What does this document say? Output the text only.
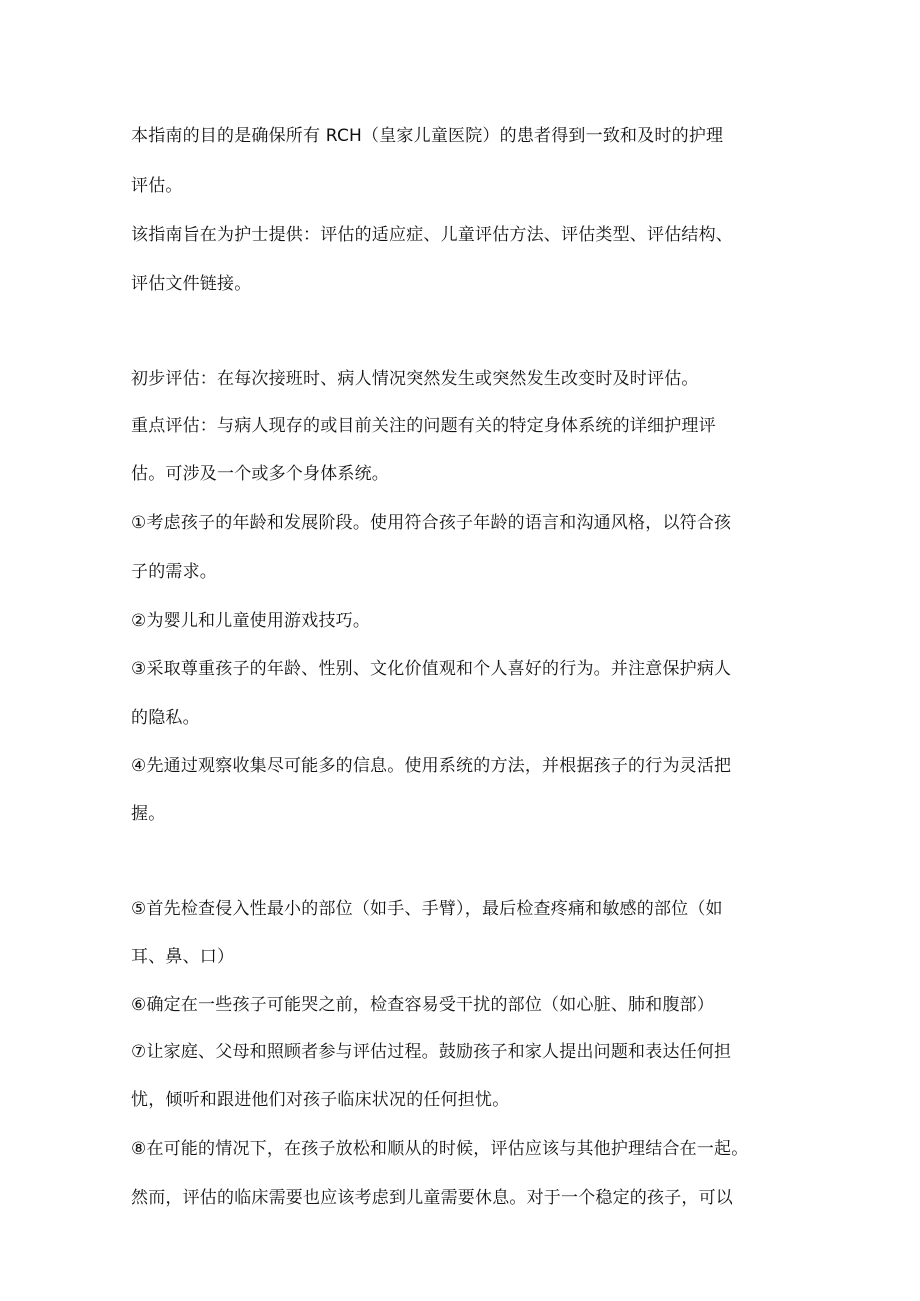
本指南的目的是确保所有 RCH（皇家儿童医院）的患者得到一致和及时的护理
评估。
该指南旨在为护士提供：评估的适应症、儿童评估方法、评估类型、评估结构、
评估文件链接。
初步评估：在每次接班时、病人情况突然发生或突然发生改变时及时评估。
重点评估：与病人现存的或目前关注的问题有关的特定身体系统的详细护理评
估。可涉及一个或多个身体系统。
①考虑孩子的年龄和发展阶段。使用符合孩子年龄的语言和沟通风格，以符合孩
子的需求。
②为婴儿和儿童使用游戏技巧。
③采取尊重孩子的年龄、性别、文化价值观和个人喜好的行为。并注意保护病人
的隐私。
④先通过观察收集尽可能多的信息。使用系统的方法，并根据孩子的行为灵活把
握。
⑤首先检查侵入性最小的部位（如手、手臂），最后检查疼痛和敏感的部位（如
耳、鼻、口）
⑥确定在一些孩子可能哭之前，检查容易受干扰的部位（如心脏、肺和腹部）
⑦让家庭、父母和照顾者参与评估过程。鼓励孩子和家人提出问题和表达任何担
忧，倾听和跟进他们对孩子临床状况的任何担忧。
⑧在可能的情况下，在孩子放松和顺从的时候，评估应该与其他护理结合在一起。
然而，评估的临床需要也应该考虑到儿童需要休息。对于一个稳定的孩子，可以
